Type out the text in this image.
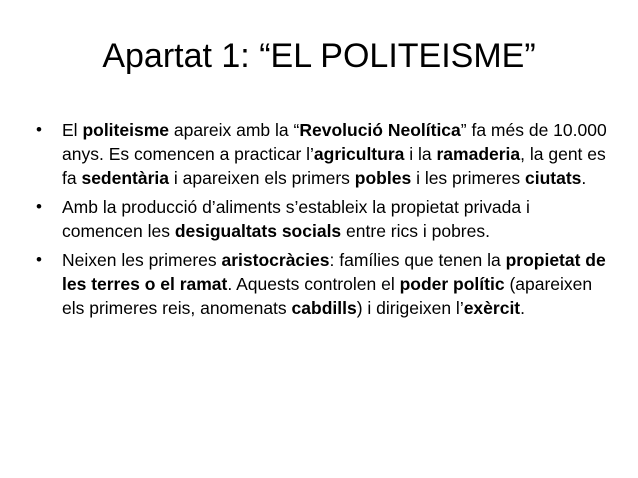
Apartat 1: “EL POLITEISME”
•	El politeisme apareix amb la “Revolució Neolítica” fa més de 10.000 anys. Es comencen a practicar l’agricultura i la ramaderia, la gent es fa sedentària i apareixen els primers pobles i les primeres ciutats.
•	Amb la producció d’aliments s’estableix la propietat privada i comencen les desigualtats socials entre rics i pobres.
•	Neixen les primeres aristocràcies: famílies que tenen la propietat de les terres o el ramat. Aquests controlen el poder polític (apareixen els primeres reis, anomenats cabdills) i dirigeixen l’exèrcit.
